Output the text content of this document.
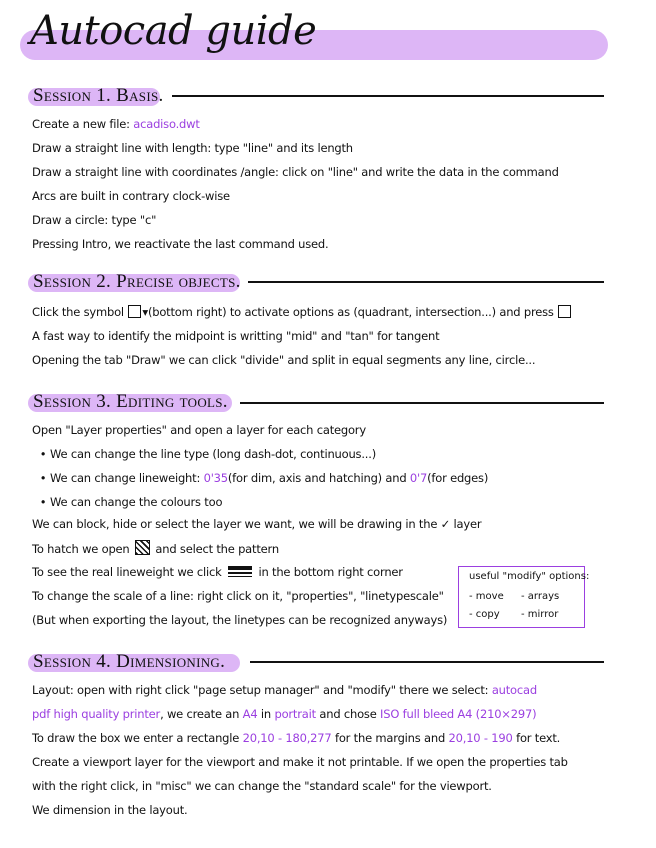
Autocad guide
Session 1. Basis.
Create a new file: acadiso.dwt
Draw a straight line with length: type "line" and its length
Draw a straight line with coordinates /angle: click on "line" and write the data in the command
Arcs are built in contrary clock-wise
Draw a circle: type "c"
Pressing Intro, we reactivate the last command used.
Session 2. Precise objects.
Click the symbol ▾(bottom right) to activate options as (quadrant, intersection...) and press
A fast way to identify the midpoint is writting "mid" and "tan" for tangent
Opening the tab "Draw" we can click "divide" and split in equal segments any line, circle...
Session 3. Editing tools.
Open "Layer properties" and open a layer for each category
• We can change the line type (long dash-dot, continuous...)
• We can change lineweight: 0'35(for dim, axis and hatching) and 0'7(for edges)
• We can change the colours too
We can block, hide or select the layer we want, we will be drawing in the ✓ layer
To hatch we open  and select the pattern
To see the real lineweight we click	in the bottom right corner
To change the scale of a line: right click on it, "properties", "linetypescale"
(But when exporting the layout, the linetypes can be recognized anyways)
useful "modify" options:
- move - arrays
- copy - mirror
Session 4. Dimensioning.
Layout: open with right click "page setup manager" and "modify" there we select: autocad
pdf high quality printer, we create an A4 in portrait and chose ISO full bleed A4 (210×297)
To draw the box we enter a rectangle 20,10 - 180,277 for the margins and 20,10 - 190 for text.
Create a viewport layer for the viewport and make it not printable. If we open the properties tab
with the right click, in "misc" we can change the "standard scale" for the viewport.
We dimension in the layout.
